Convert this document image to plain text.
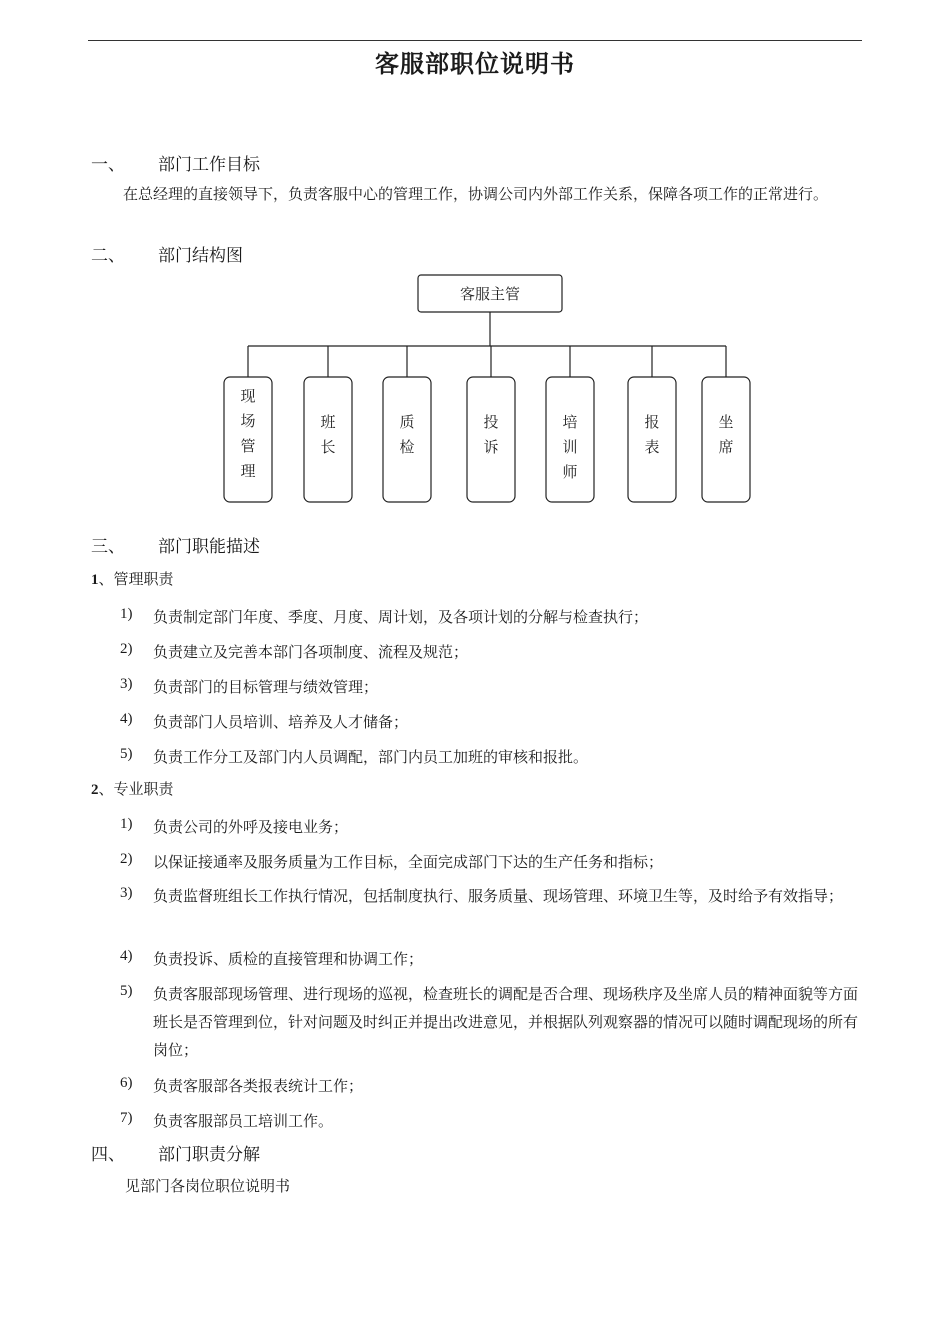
客服部职位说明书
一、 部门工作目标
在总经理的直接领导下，负责客服中心的管理工作，协调公司内外部工作关系，保障各项工作的正常进行。
二、 部门结构图
客服主管
现
场
管
理
班
长
质
检
投
诉
培
训
师
报
表
坐
席
三、 部门职能描述
1、管理职责
1) 负责制定部门年度、季度、月度、周计划，及各项计划的分解与检查执行；
2) 负责建立及完善本部门各项制度、流程及规范；
3) 负责部门的目标管理与绩效管理；
4) 负责部门人员培训、培养及人才储备；
5) 负责工作分工及部门内人员调配，部门内员工加班的审核和报批。
2、专业职责
1) 负责公司的外呼及接电业务；
2) 以保证接通率及服务质量为工作目标，全面完成部门下达的生产任务和指标；
3) 负责监督班组长工作执行情况，包括制度执行、服务质量、现场管理、环境卫生等，及时给予有效指导；
4) 负责投诉、质检的直接管理和协调工作；
5) 负责客服部现场管理、进行现场的巡视，检查班长的调配是否合理、现场秩序及坐席人员的精神面貌等方面班长是否管理到位，针对问题及时纠正并提出改进意见，并根据队列观察器的情况可以随时调配现场的所有岗位；
6) 负责客服部各类报表统计工作；
7) 负责客服部员工培训工作。
四、 部门职责分解
见部门各岗位职位说明书
